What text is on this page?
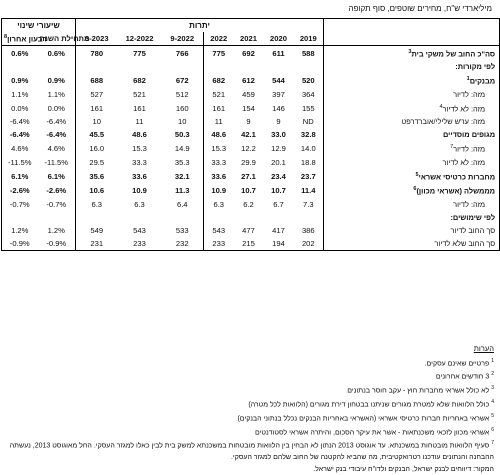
מיליארדי ש"ח, מחירים שוטפים, סוף תקופה
שיעורי שינוי		יתרות							

רבעון אחרון$^8$	מתחילת השנה	3-2023	12-2022	9-2022	2022	2021	2020	2019	
0.6%	0.6%	780	775	766	775	692	611	588	סה"כ החוב של משקי בית$^3$
									לפי מקורות:
0.9%	0.9%	688	682	672	682	612	544	520	מבנקים$^1$
1.1%	1.1%	527	521	512	521	459	397	364	מזה: לדיור
0.0%	0.0%	161	161	160	161	154	146	155	מזה: לא לדיור$^4$
-6.4%	-6.4%	10	11	10	11	9	9	ND	מזה: עו"ש שלילי/אוברדרפט
-6.4%	-6.4%	45.5	48.6	50.3	48.6	42.1	33.0	32.8	מגופים מוסדיים
4.6%	4.6%	16.0	15.3	14.9	15.3	12.2	12.9	14.0	מזה: לדיור$^7$
-11.5%	-11.5%	29.5	33.3	35.3	33.3	29.9	20.1	18.8	מזה: לא לדיור
6.1%	6.1%	35.6	33.6	32.1	33.6	27.1	23.4	23.7	מחברות כרטיסי אשראי$^5$
-2.6%	-2.6%	10.6	10.9	11.3	10.9	10.7	10.7	11.4	מממשלה (אשראי מכוון)$^6$
-0.7%	-0.7%	6.3	6.3	6.4	6.3	6.2	6.7	7.3	מזה: לדיור
									לפי שימושים:
1.2%	1.2%	549	543	533	543	477	417	386	סך החוב לדיור
-0.9%	-0.9%	231	233	232	233	215	194	202	סך החוב שלא לדיור
הערות
$^1$ פרטיים שאינם עסקים.
$^2$ 3 חודשים אחרונים
$^3$ לא כולל אשראי מחברות חוץ - עקב חוסר בנתונים
$^4$ כולל הלוואות שלא למטרת מגורים שניתנו בבטחון דירת מגורים (הלוואות לכל מטרה)
$^5$ אשראי באחריות חברות כרטיסי אשראי (האשראי באחריות הבנקים נכלל בנתוני הבנקים)
$^6$ אשראי מכוון לזכאי משכנתאות - אשר את עיקר הסכום, והיתרה אשראי לסטודנטים
$^7$ סעיף הלוואות מובטחות במשכנתא. עד אוגוסט 2013 הנתון לא הבחין בין הלוואות מובטחות במשכנתא למשק בית לבין כאלו למגזר העסקי. החל מאוגוסט 2013, נעשתה ההבחנה והנתונים עודכנו רטרואקטיבית, מה שהביא להקטנה של החוב שלהם למגזר העסקי.
המקור: דיווחים לבנק ישראל, הבנקים ולדו"ח עיבודי בנק ישראל.
